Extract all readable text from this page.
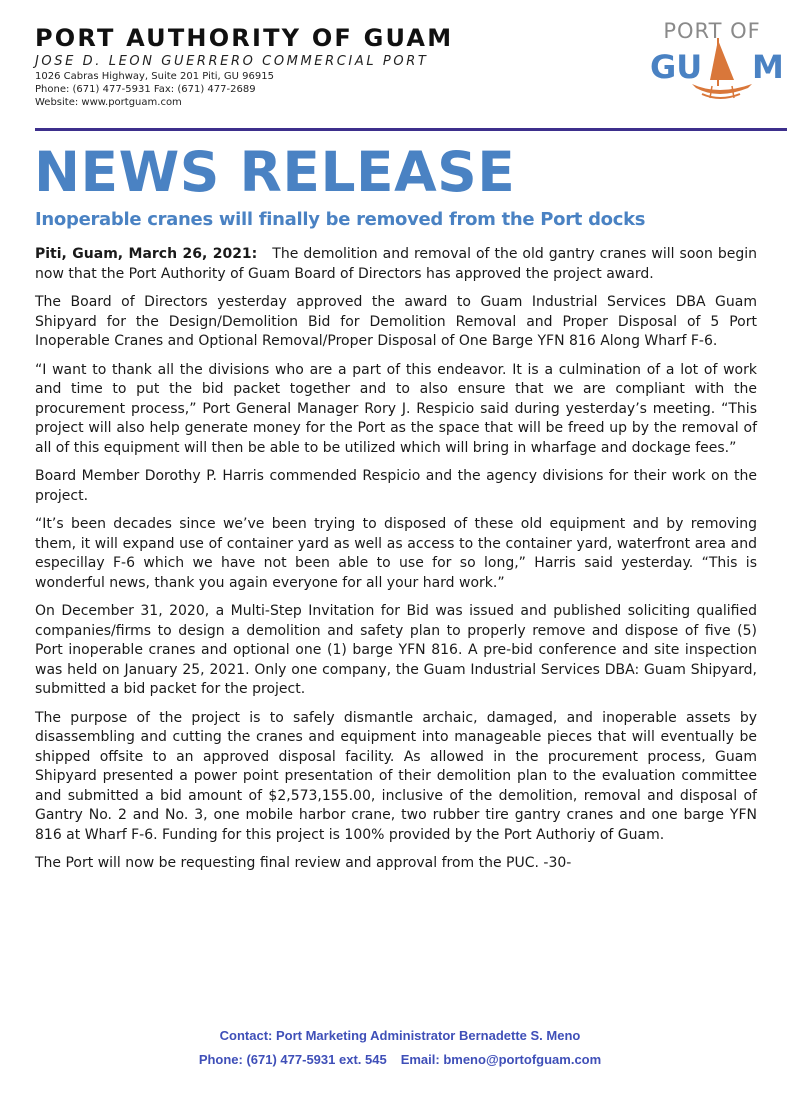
PORT AUTHORITY OF GUAM
JOSE D. LEON GUERRERO COMMERCIAL PORT
1026 Cabras Highway, Suite 201 Piti, GU 96915
Phone: (671) 477-5931 Fax: (671) 477-2689
Website: www.portguam.com
PORT OF
GU M
NEWS RELEASE
Inoperable cranes will finally be removed from the Port docks

Piti, Guam, March 26, 2021: The demolition and removal of the old gantry cranes will soon begin now that the Port Authority of Guam Board of Directors has approved the project award.

The Board of Directors yesterday approved the award to Guam Industrial Services DBA Guam Shipyard for the Design/Demolition Bid for Demolition Removal and Proper Disposal of 5 Port Inoperable Cranes and Optional Removal/Proper Disposal of One Barge YFN 816 Along Wharf F-6.

“I want to thank all the divisions who are a part of this endeavor. It is a culmination of a lot of work and time to put the bid packet together and to also ensure that we are compliant with the procurement process,” Port General Manager Rory J. Respicio said during yesterday’s meeting. “This project will also help generate money for the Port as the space that will be freed up by the removal of all of this equipment will then be able to be utilized which will bring in wharfage and dockage fees.”

Board Member Dorothy P. Harris commended Respicio and the agency divisions for their work on the project.

“It’s been decades since we’ve been trying to disposed of these old equipment and by removing them, it will expand use of container yard as well as access to the container yard, waterfront area and especillay F-6 which we have not been able to use for so long,” Harris said yesterday. “This is wonderful news, thank you again everyone for all your hard work.”

On December 31, 2020, a Multi-Step Invitation for Bid was issued and published soliciting qualified companies/firms to design a demolition and safety plan to properly remove and dispose of five (5) Port inoperable cranes and optional one (1) barge YFN 816. A pre-bid conference and site inspection was held on January 25, 2021. Only one company, the Guam Industrial Services DBA: Guam Shipyard, submitted a bid packet for the project.

The purpose of the project is to safely dismantle archaic, damaged, and inoperable assets by disassembling and cutting the cranes and equipment into manageable pieces that will eventually be shipped offsite to an approved disposal facility. As allowed in the procurement process, Guam Shipyard presented a power point presentation of their demolition plan to the evaluation committee and submitted a bid amount of $2,573,155.00, inclusive of the demolition, removal and disposal of Gantry No. 2 and No. 3, one mobile harbor crane, two rubber tire gantry cranes and one barge YFN 816 at Wharf F-6. Funding for this project is 100% provided by the Port Authoriy of Guam.

The Port will now be requesting final review and approval from the PUC. -30-

Contact: Port Marketing Administrator Bernadette S. Meno
Phone: (671) 477-5931 ext. 545 Email: bmeno@portofguam.com
